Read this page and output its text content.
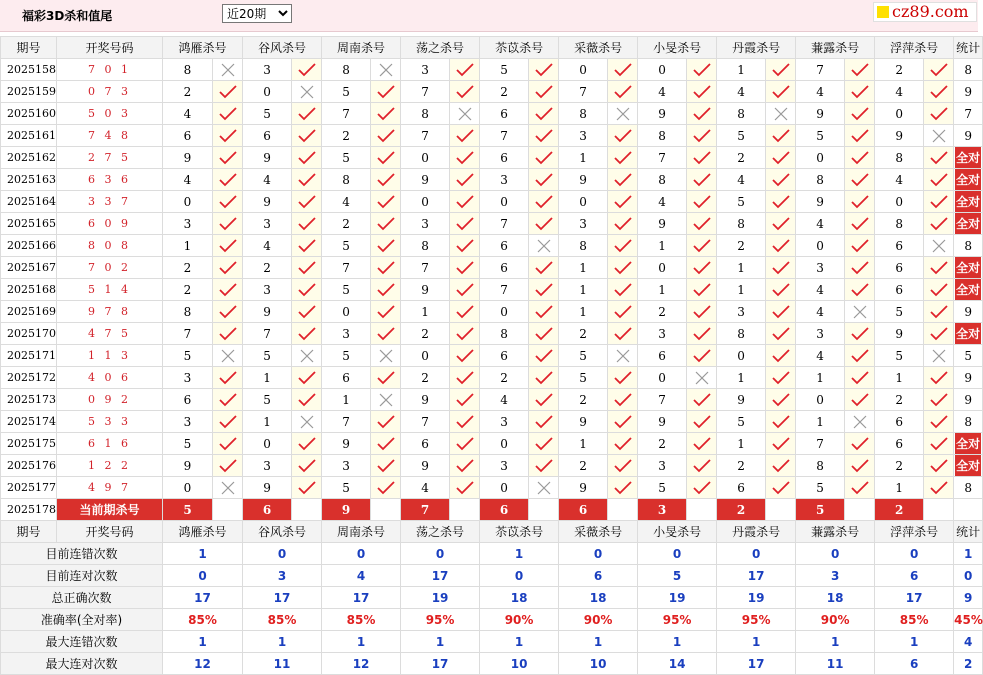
福彩3D杀和值尾
近20期	cz89.com
期号	开奖号码	鸿雁杀号		谷风杀号		周南杀号		荡之杀号		苶苡杀号		采薇杀号		小旻杀号		丹霞杀号		蒹露杀号		浮萍杀号		统计
2025158	7 0 1	8		3		8		3		5		0		0		1		7		2		8
2025159	0 7 3	2		0		5		7		2		7		4		4		4		4		9
2025160	5 0 3	4		5		7		8		6		8		9		8		9		0		7
2025161	7 4 8	6		6		2		7		7		3		8		5		5		9		9
2025162	2 7 5	9		9		5		0		6		1		7		2		0		8		全对
2025163	6 3 6	4		4		8		9		3		9		8		4		8		4		全对
2025164	3 3 7	0		9		4		0		0		0		4		5		9		0		全对
2025165	6 0 9	3		3		2		3		7		3		9		8		4		8		全对
2025166	8 0 8	1		4		5		8		6		8		1		2		0		6		8
2025167	7 0 2	2		2		7		7		6		1		0		1		3		6		全对
2025168	5 1 4	2		3		5		9		7		1		1		1		4		6		全对
2025169	9 7 8	8		9		0		1		0		1		2		3		4		5		9
2025170	4 7 5	7		7		3		2		8		2		3		8		3		9		全对
2025171	1 1 3	5		5		5		0		6		5		6		0		4		5		5
2025172	4 0 6	3		1		6		2		2		5		0		1		1		1		9
2025173	0 9 2	6		5		1		9		4		2		7		9		0		2		9
2025174	5 3 3	3		1		7		7		3		9		9		5		1		6		8
2025175	6 1 6	5		0		9		6		0		1		2		1		7		6		全对
2025176	1 2 2	9		3		3		9		3		2		3		2		8		2		全对
2025177	4 9 7	0		9		5		4		0		9		5		6		5		1		8
2025178	当前期杀号	5		6		9		7		6		6		3		2		5		2		
期号	开奖号码	鸿雁杀号		谷风杀号		周南杀号		荡之杀号		苶苡杀号		采薇杀号		小旻杀号		丹霞杀号		蒹露杀号		浮萍杀号		统计
目前连错次数		1		0		0		0		1		0		0		0		0		0		1
目前连对次数		0		3		4		17		0		6		5		17		3		6		0
总正确次数		17		17		17		19		18		18		19		19		18		17		9
准确率(全对率)		85%		85%		85%		95%		90%		90%		95%		95%		90%		85%		45%
最大连错次数		1		1		1		1		1		1		1		1		1		1		4
最大连对次数		12		11		12		17		10		10		14		17		11		6		2
